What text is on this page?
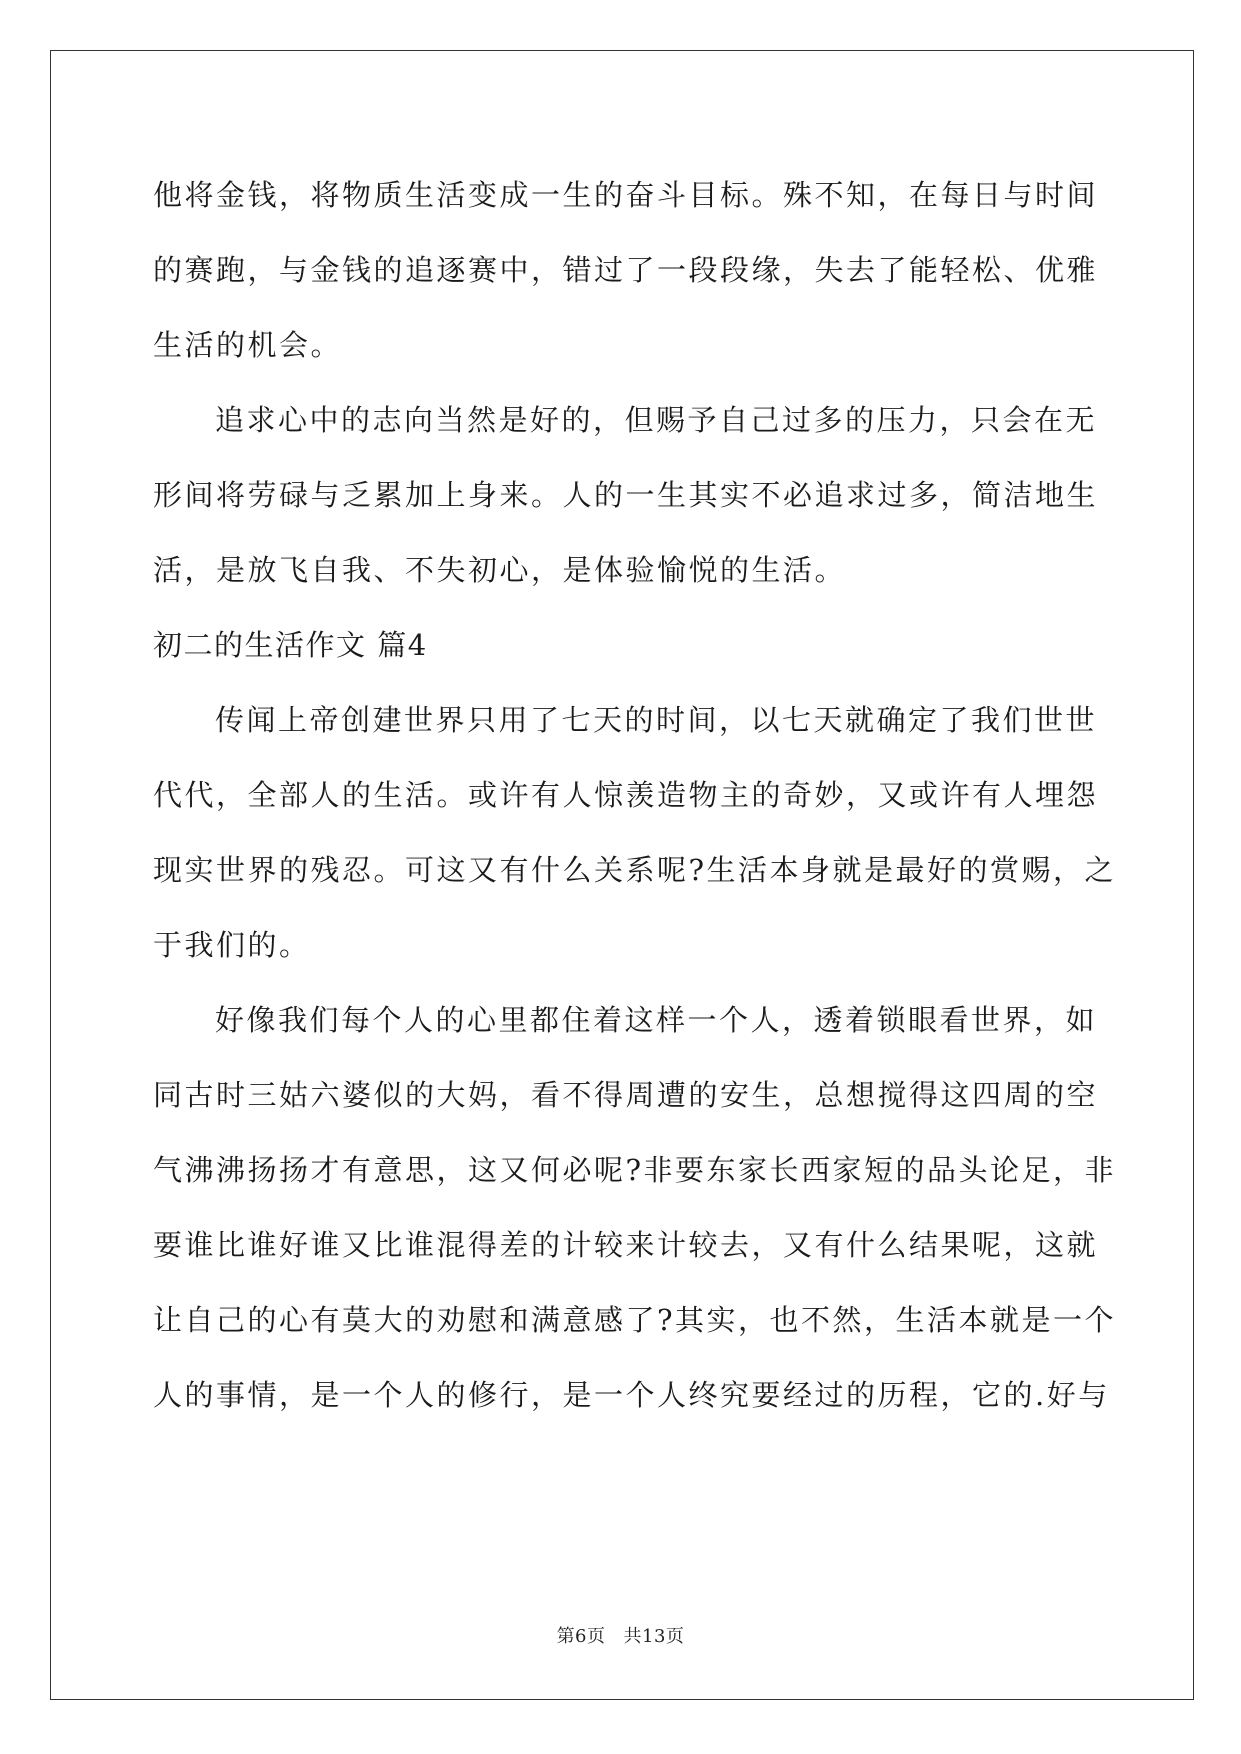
他将金钱，将物质生活变成一生的奋斗目标。殊不知，在每日与时间
的赛跑，与金钱的追逐赛中，错过了一段段缘，失去了能轻松、优雅
生活的机会。
追求心中的志向当然是好的，但赐予自己过多的压力，只会在无
形间将劳碌与乏累加上身来。人的一生其实不必追求过多，简洁地生
活，是放飞自我、不失初心，是体验愉悦的生活。
初二的生活作文 篇4
传闻上帝创建世界只用了七天的时间，以七天就确定了我们世世
代代，全部人的生活。或许有人惊羡造物主的奇妙，又或许有人埋怨
现实世界的残忍。可这又有什么关系呢?生活本身就是最好的赏赐，之
于我们的。
好像我们每个人的心里都住着这样一个人，透着锁眼看世界，如
同古时三姑六婆似的大妈，看不得周遭的安生，总想搅得这四周的空
气沸沸扬扬才有意思，这又何必呢?非要东家长西家短的品头论足，非
要谁比谁好谁又比谁混得差的计较来计较去，又有什么结果呢，这就
让自己的心有莫大的劝慰和满意感了?其实，也不然，生活本就是一个
人的事情，是一个人的修行，是一个人终究要经过的历程，它的.好与
第6页 共13页
